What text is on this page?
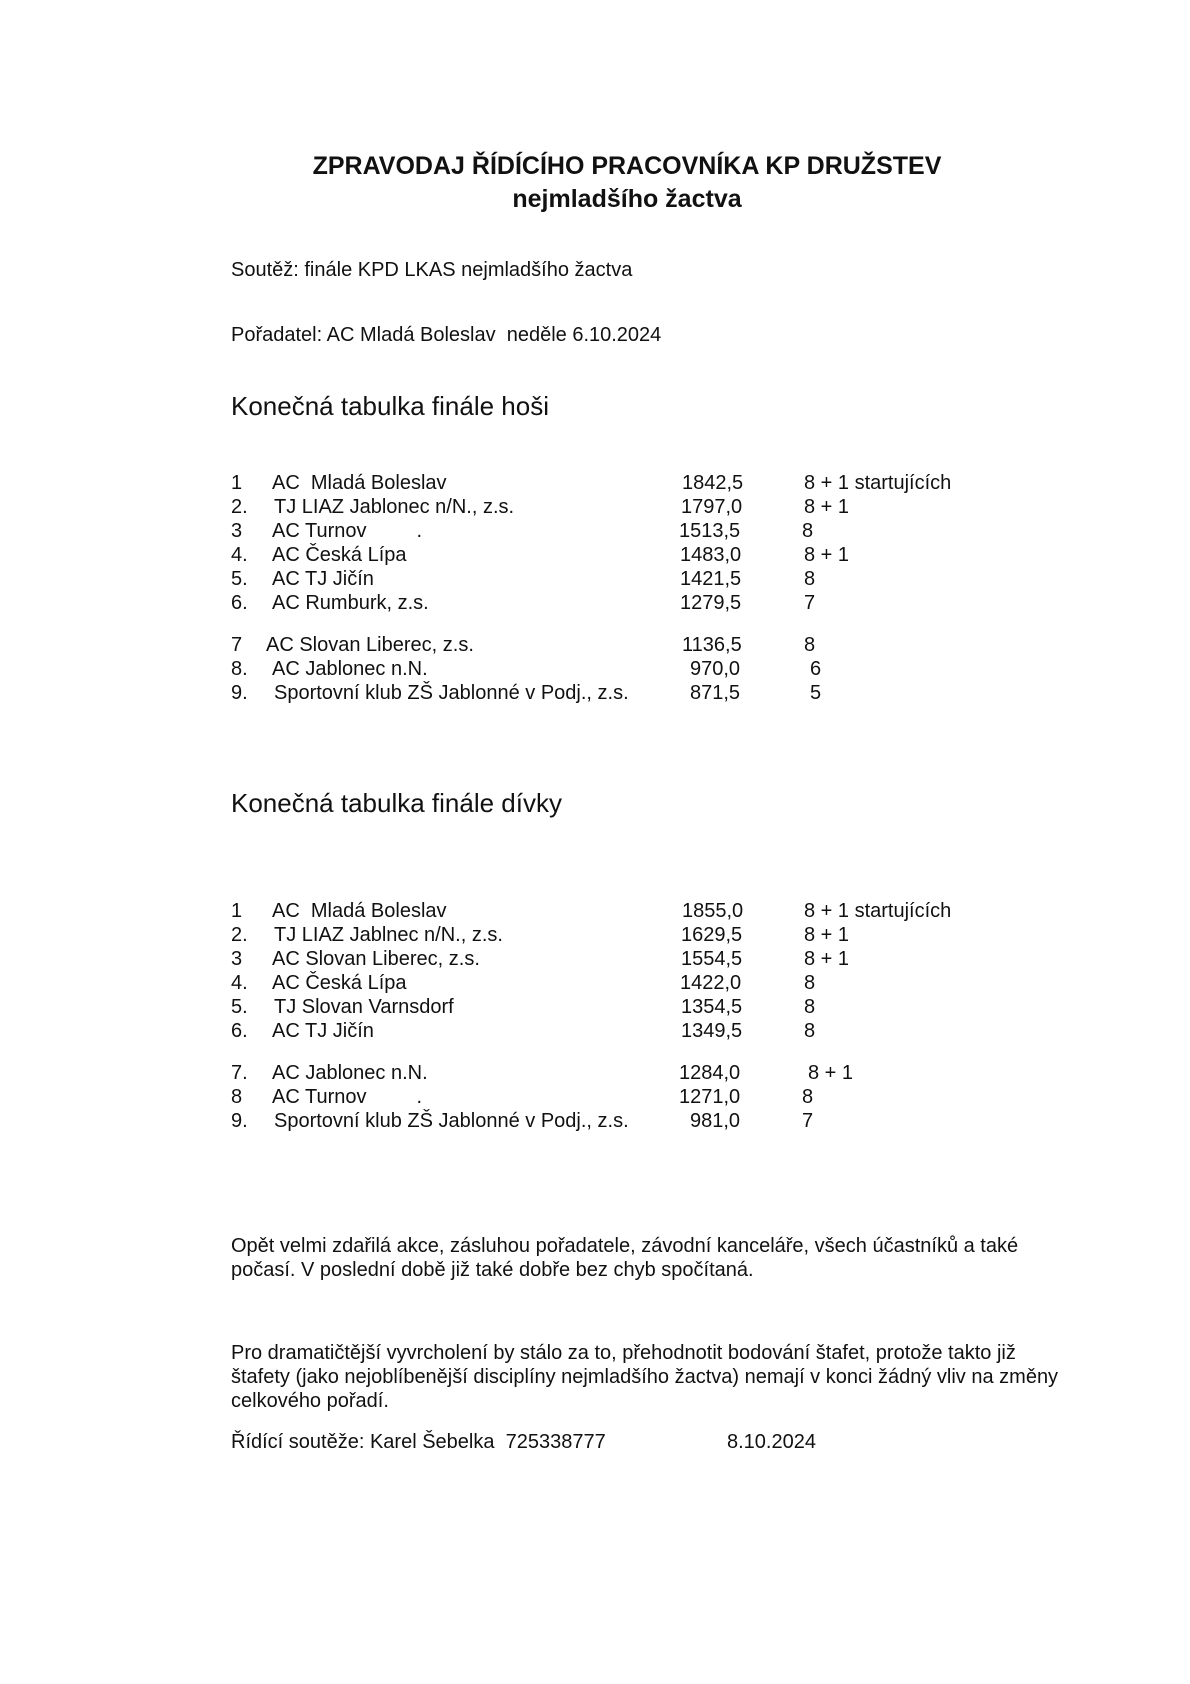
ZPRAVODAJ ŘÍDÍCÍHO PRACOVNÍKA KP DRUŽSTEV
nejmladšího žactva
Soutěž: finále KPD LKAS nejmladšího žactva
Pořadatel: AC Mladá Boleslav  neděle 6.10.2024
Konečná tabulka finále hoši
1 AC  Mladá Boleslav	1842,5	8 + 1 startujících
2. TJ LIAZ Jablonec n/N., z.s.	1797,0	8 + 1
3 AC Turnov         .	1513,5	8
4. AC Česká Lípa	1483,0	8 + 1
5. AC TJ Jičín	1421,5	8
6. AC Rumburk, z.s.	1279,5	7
7 AC Slovan Liberec, z.s.	1136,5	8
8. AC Jablonec n.N.	970,0	6
9. Sportovní klub ZŠ Jablonné v Podj., z.s.	871,5	5
Konečná tabulka finále dívky
1 AC  Mladá Boleslav	1855,0	8 + 1 startujících
2. TJ LIAZ Jablnec n/N., z.s.	1629,5	8 + 1
3 AC Slovan Liberec, z.s.	1554,5	8 + 1
4. AC Česká Lípa	1422,0	8
5. TJ Slovan Varnsdorf	1354,5	8
6. AC TJ Jičín	1349,5	8
7. AC Jablonec n.N.	1284,0	8 + 1
8 AC Turnov         .	1271,0	8
9. Sportovní klub ZŠ Jablonné v Podj., z.s.	981,0	7
Opět velmi zdařilá akce, zásluhou pořadatele, závodní kanceláře, všech účastníků a také počasí. V poslední době již také dobře bez chyb spočítaná.
Pro dramatičtější vyvrcholení by stálo za to, přehodnotit bodování štafet, protože takto již štafety (jako nejoblíbenější disciplíny nejmladšího žactva) nemají v konci žádný vliv na změny celkového pořadí.
Řídící soutěže: Karel Šebelka  725338777	8.10.2024
